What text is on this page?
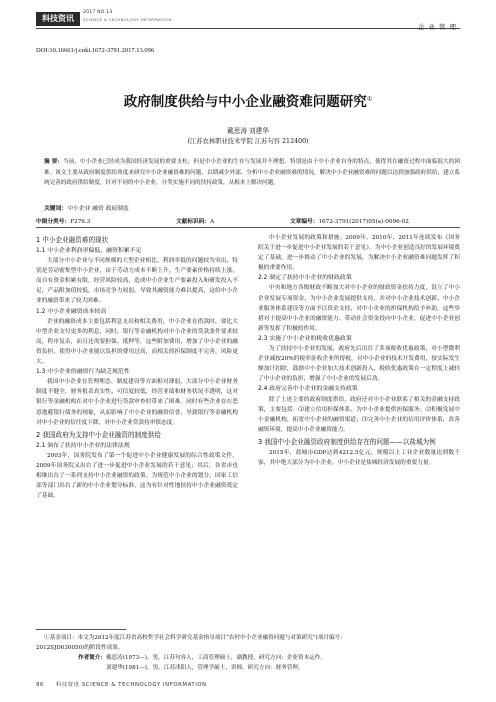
科技资讯
2017 NO.13
SCIENCE & TECHNOLOGY INFORMATION
企业管理
DOI:10.16661/j.cnki.1672-3791.2017.13.096
政府制度供给与中小企业融资难问题研究①
戴思涛 刘建华
(江苏农林职业技术学院 江苏句容 212400)
摘 要：当前，中小企业已经成为我国经济发展的重要支柱，但是中小企业的生存与发展并不理想，特别是由于中小企业自身的特点，使得其在融资过程中面临很大的困难。该文主要从政府制度供给角度来研究中小企业融资难的问题，以期减少外部、分析中小企业融资难的情况，解决中小企业融资难的问题以达到加强政府供给，建立系统完善的政府供给制度，针对不同的中小企业，分类实施不同的扶持政策，从根本上解决问题。
关键词：中小企业 融资 政府制度
中图分类号：F276.3	文献标识码：A	文章编号：1672-3791(2017)05(a)-0096-02
1 中小企业融资难的现状
1.1 中小企业利润率偏低，融资积累不足

大部分中小企业与不同规模的大型企业相比，利润率低的问题较为突出，特别是劳动密集型中小企业，由于劳动力成本不断上升，生产要素价格持续上涨，而自有资金积累有限，经营风险较高，造成中小企业生产要素投入和研发投入不足，产品附加值较低，市场竞争力较弱，导致其融资能力难以提高，这给中小企业的融资带来了较大困难。

1.2 中小企业融资成本较高

企业的融资成本主要包括利息支出和相关费用，中小企业在借款时，要比大中型企业支付更多的利息，同时，银行等金融机构对中小企业的贷款条件要求较高，程序复杂，而且还需要担保、抵押等，这些附加费用，增加了中小企业的融资负担，使得中小企业能以负担的费用过高，而相关的担保制度不完善，风险更大。

1.3 中小企业的融资行为缺乏规范性

我国中小企业在管理理念、制度建设等方面相对薄弱，大部分中小企业财务制度不健全，财务报表真实性、可信度较低，经营业绩和财务状况不透明，这对银行等金融机构在对中小企业进行贷款审查时带来了困难。同时有些企业存在恶意逃避银行债务的现象，从而影响了中小企业的融资信誉，导致银行等金融机构对中小企业的信任度下降，对中小企业贷款持审慎态度。

2 我国政府为支持中小企业融资的制度供给
2.1 颁布了扶持中小企业的法律法规

2003年，国务院发布了第一个促进中小企业健康发展的综合性政策文件，2009年国务院又出台了进一步促进中小企业发展的若干意见；其后，各省市也相继出台了一系列支持中小企业融资的政策。为规范中小企业的划分，国家工信部等部门出台了新的中小企业划分标准，这为有针对性地扶持中小企业融资奠定了基础。

中小企业发展的政策和措施；2009年、2010年、2011年连续发布《国务院关于进一步促进中小企业发展的若干意见》，为中小企业创造良好的发展环境奠定了基础，进一步推动了中小企业的发展，为解决中小企业融资难问题发挥了积极的重要作用。

2.2 制定了扶持中小企业的财政政策

中央和地方各级财政不断加大对中小企业的财政资金扶持力度，设立了中小企业发展专项资金，为中小企业发展提供支持，并对中小企业技术创新、中小企业服务体系建设等方面予以资金支持，对中小企业的担保机构给予补助，这些举措对于提高中小企业的融资能力、带动社会资金投向中小企业，促进中小企业创新等发挥了积极的作用。

2.3 实施了中小企业的税收优惠政策

为了扶持中小企业的发展，政府先后出台了多项税收优惠政策，对小型微利企业减按20%的税率征收企业所得税，对中小企业的技术开发费用，按实际发生额加计扣除，鼓励中小企业加大技术创新投入，税收优惠政策在一定程度上减轻了中小企业的负担，增强了中小企业的发展后劲。

2.4 政府完善中小企业的金融支持政策

除了上述主要的政府制度供给，政府还对中小企业联系了相关的金融支持政策，主要包括：⑴建立信用担保体系，为中小企业提供担保服务；⑵积极发展中小金融机构，拓宽中小企业的融资渠道；⑶完善中小企业的信用评价体系，改善融资环境，提高中小企业融资能力。

3 我国中小企业融资政府制度供给存在的问题——以盐城为例

2015年，盐城市GDP达到4212.5亿元，规模以上工业企业数量达到数千家，其中绝大部分为中小企业，中小企业是盐城经济发展的重要力量。

①基金项目：本文为2012年度江苏省高校哲学社会科学研究基金指导项目“农村中小企业融资问题与对策研究”(项目编号：
2012SJD630050)的阶段性成果。
作者简介：戴思涛(1973—)，男，江苏句容人，工商管理硕士，副教授，研究方向：企业资本运作。
刘建华(1981—)，男，江苏沭阳人，管理学硕士，讲师，研究方向：财务管理。
96 科技资讯 SCIENCE & TECHNOLOGY INFORMATION
